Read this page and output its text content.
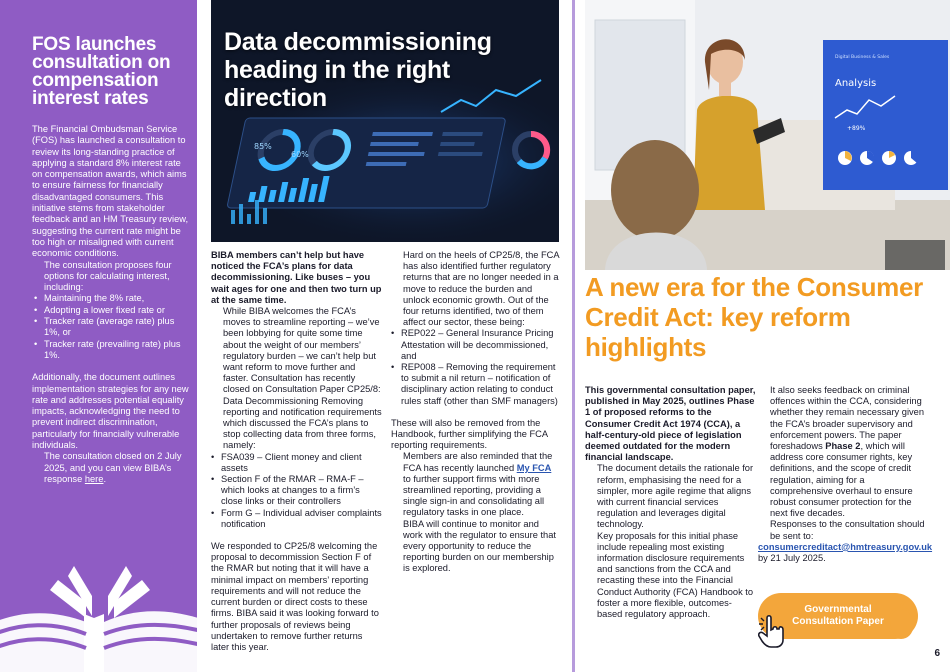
FOS launches consultation on compensation interest rates

The Financial Ombudsman Service (FOS) has launched a consultation to review its long-standing practice of applying a standard 8% interest rate on compensation awards, which aims to ensure fairness for financially disadvantaged consumers. This initiative stems from stakeholder feedback and an HM Treasury review, suggesting the current rate might be too high or misaligned with current economic conditions.

The consultation proposes four options for calculating interest, including:

• Maintaining the 8% rate,
• Adopting a lower fixed rate or
• Tracker rate (average rate) plus 1%, or
• Tracker rate (prevailing rate) plus 1%.

Additionally, the document outlines implementation strategies for any new rate and addresses potential equality impacts, acknowledging the need to prevent indirect discrimination, particularly for financially vulnerable individuals.

The consultation closed on 2 July 2025, and you can view BIBA’s response here.

85%
60%
Data decommissioning heading in the right direction

BIBA members can’t help but have noticed the FCA’s plans for data decommissioning. Like buses – you wait ages for one and then two turn up at the same time.

While BIBA welcomes the FCA’s moves to streamline reporting – we’ve been lobbying for quite some time about the weight of our members’ regulatory burden – we can’t help but want reform to move further and faster. Consultation has recently closed on Consultation Paper CP25/8: Data Decommissioning Removing reporting and notification requirements which discussed the FCA’s plans to stop collecting data from three forms, namely:

• FSA039 – Client money and client assets
• Section F of the RMAR – RMA-F – which looks at changes to a firm’s close links or their controllers
• Form G – Individual adviser complaints notification

We responded to CP25/8 welcoming the proposal to decommission Section F of the RMAR but noting that it will have a minimal impact on members’ reporting requirements and will not reduce the current burden or direct costs to these firms. BIBA said it was looking forward to further proposals of reviews being undertaken to remove further returns later this year.

Hard on the heels of CP25/8, the FCA has also identified further regulatory returns that are no longer needed in a move to reduce the burden and unlock economic growth. Out of the four returns identified, two of them affect our sector, these being:

• REP022 – General Insurance Pricing Attestation will be decommissioned, and
• REP008 – Removing the requirement to submit a nil return – notification of disciplinary action relating to conduct rules staff (other than SMF managers)

These will also be removed from the Handbook, further simplifying the FCA reporting requirements.

Members are also reminded that the FCA has recently launched My FCA to further support firms with more streamlined reporting, providing a single sign-in and consolidating all regulatory tasks in one place.

BIBA will continue to monitor and work with the regulator to ensure that every opportunity to reduce the reporting burden on our membership is explored.

Digital Business & Sales
Analysis
+89%
A new era for the Consumer Credit Act: key reform highlights

This governmental consultation paper, published in May 2025, outlines Phase 1 of proposed reforms to the Consumer Credit Act 1974 (CCA), a half-century-old piece of legislation deemed outdated for the modern financial landscape.

The document details the rationale for reform, emphasising the need for a simpler, more agile regime that aligns with current financial services regulation and leverages digital technology.

Key proposals for this initial phase include repealing most existing information disclosure requirements and sanctions from the CCA and recasting these into the Financial Conduct Authority (FCA) Handbook to foster a more flexible, outcomes-based regulatory approach.

It also seeks feedback on criminal offences within the CCA, considering whether they remain necessary given the FCA’s broader supervisory and enforcement powers. The paper foreshadows Phase 2, which will address core consumer rights, key definitions, and the scope of credit regulation, aiming for a comprehensive overhaul to ensure robust consumer protection for the next five decades.

Responses to the consultation should be sent to:

consumercreditact@hmtreasury.gov.uk by 21 July 2025.

Governmental
Consultation Paper
6
